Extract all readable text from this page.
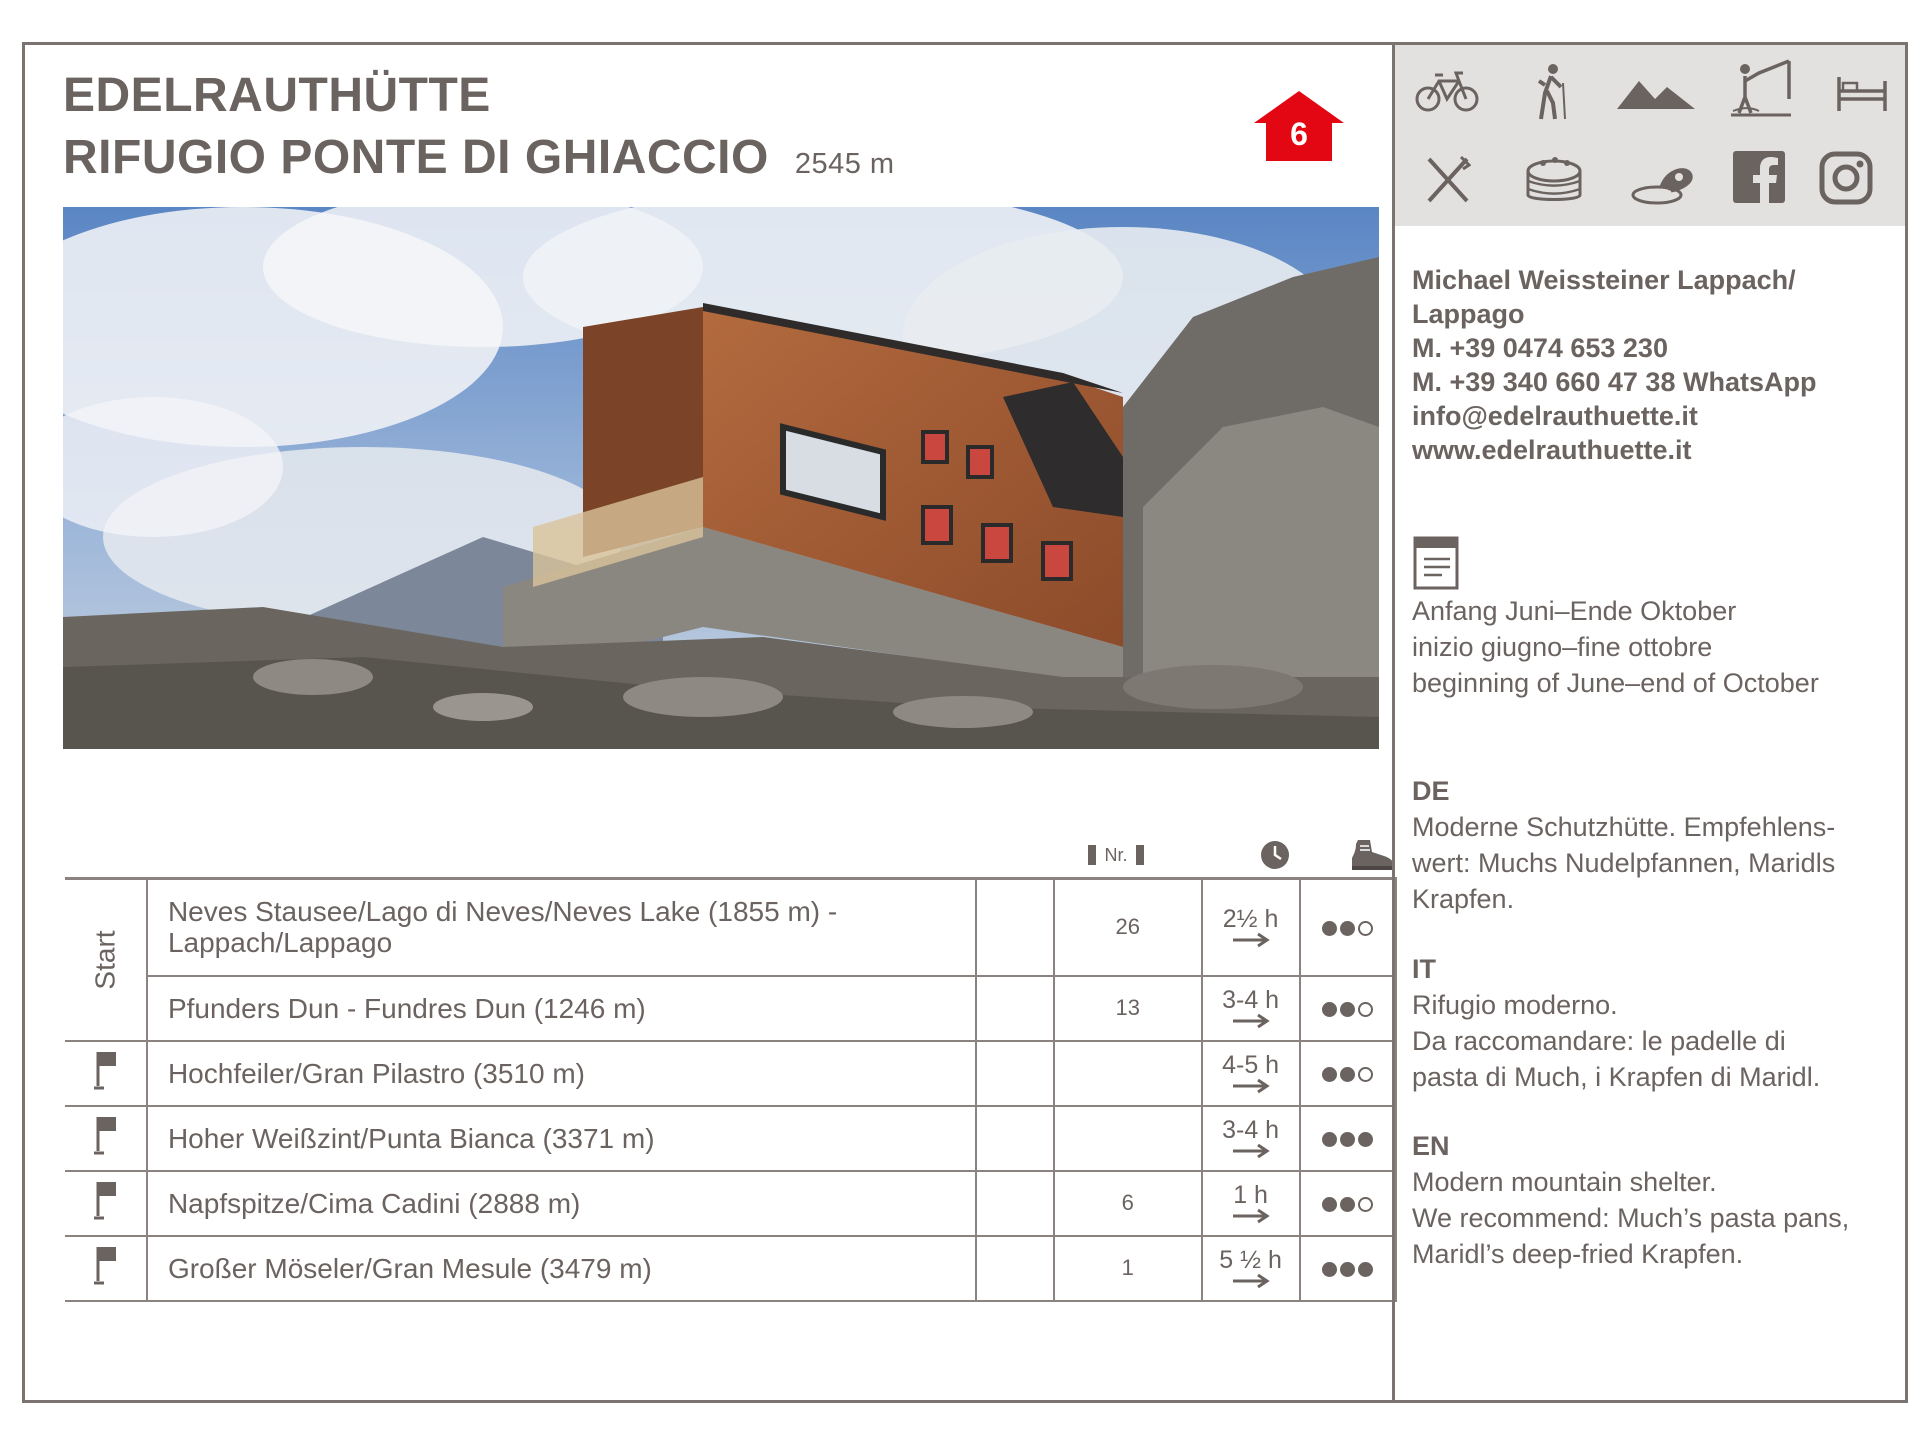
EDELRAUTHÜTTE
RIFUGIO PONTE DI GHIACCIO 2545 m
6
Nr.
Start	Neves Stausee/Lago di Neves/Neves Lake (1855 m) -
Lappach/Lappago		26	2½ h	

	Pfunders Dun - Fundres Dun (1246 m)		13	3-4 h	

	Hochfeiler/Gran Pilastro (3510 m)			4-5 h	

	Hoher Weißzint/Punta Bianca (3371 m)			3-4 h	

	Napfspitze/Cima Cadini (2888 m)		6	1 h	

	Großer Möseler/Gran Mesule (3479 m)		1	5 ½ h	

Michael Weissteiner Lappach/
Lappago
M. +39 0474 653 230
M. +39 340 660 47 38 WhatsApp
info@edelrauthuette.it
www.edelrauthuette.it
Anfang Juni–Ende Oktober
inizio giugno–fine ottobre
beginning of June–end of October
DE
Moderne Schutzhütte. Empfehlens-
wert: Muchs Nudelpfannen, Maridls
Krapfen.
IT
Rifugio moderno.
Da raccomandare: le padelle di
pasta di Much, i Krapfen di Maridl.
EN
Modern mountain shelter.
We recommend: Much’s pasta pans,
Maridl’s deep-fried Krapfen.
